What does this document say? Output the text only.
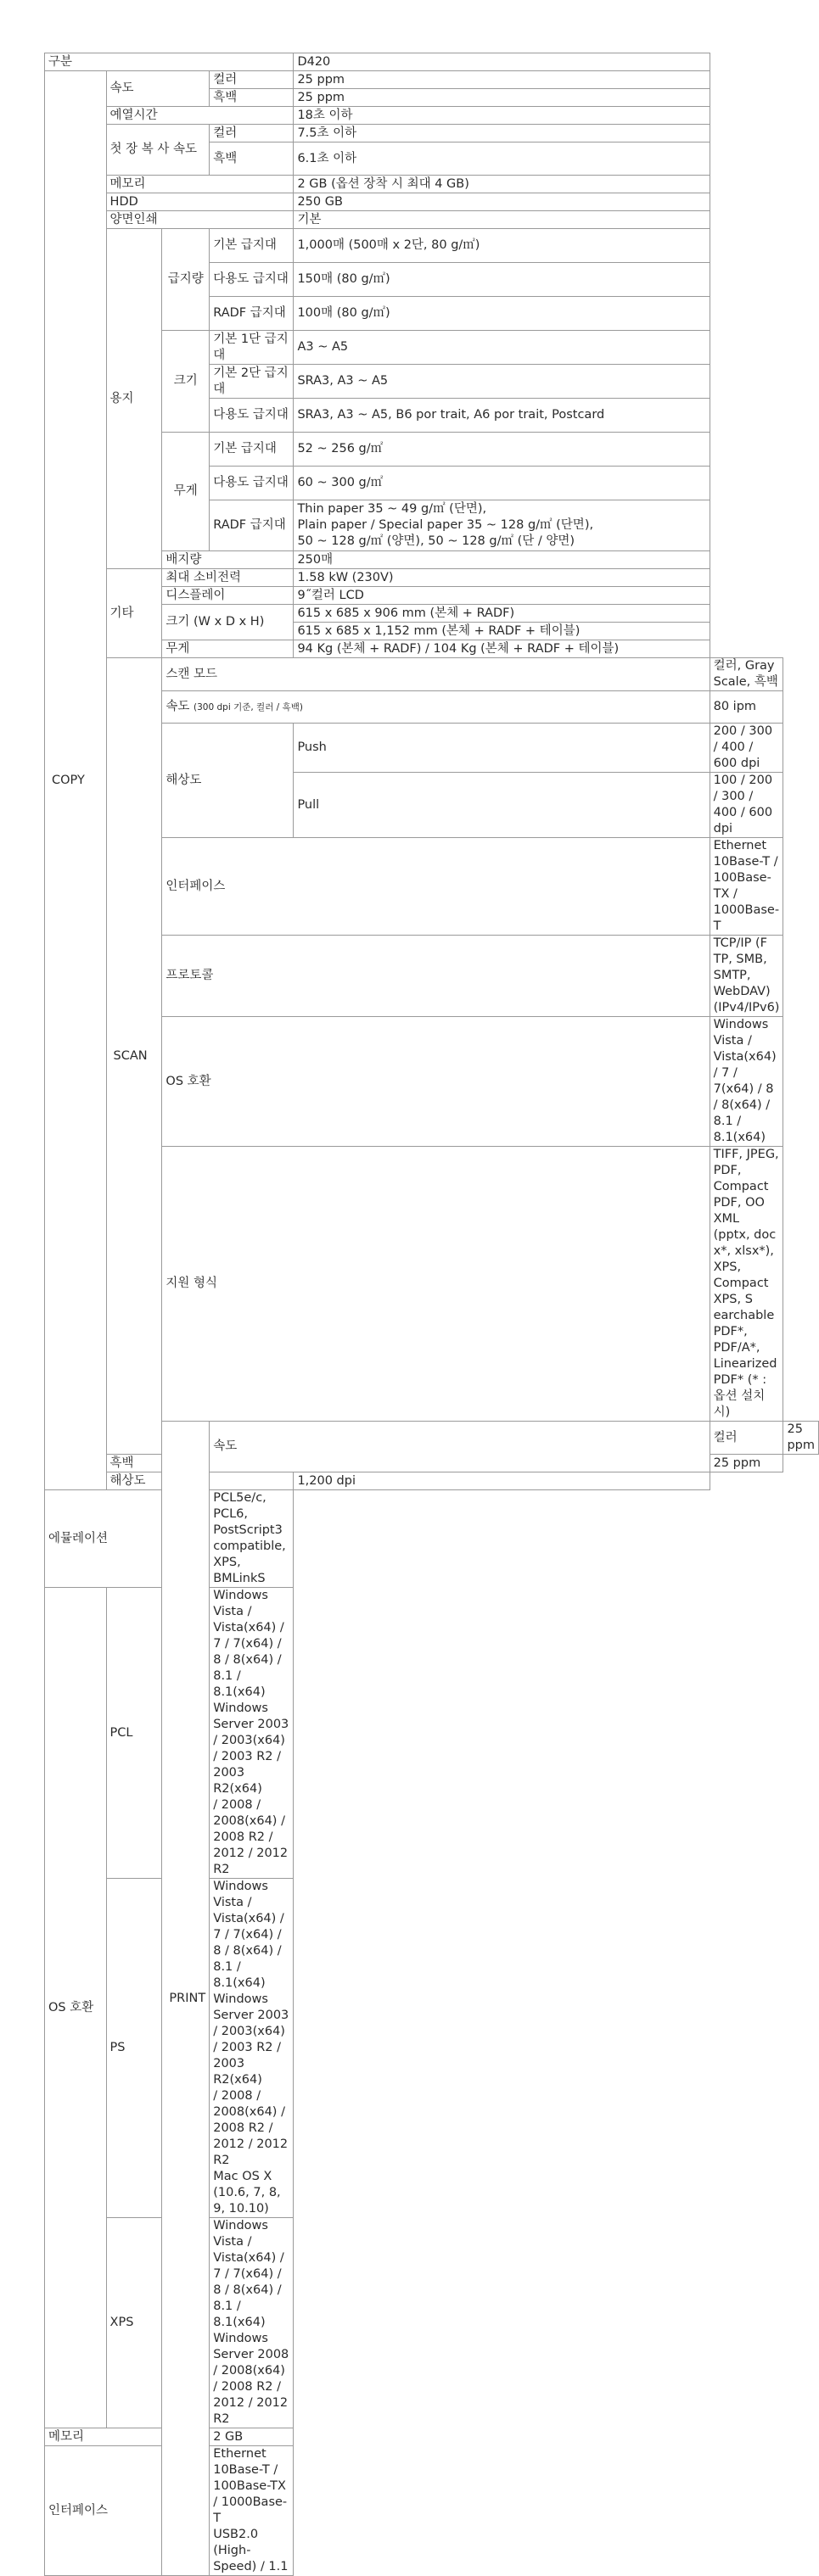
구분				D420		
COPY	속도		컬러	25 ppm		
			흑백	25 ppm		
	예열시간			18초 이하		
	첫 장 복 사 속도		컬러	7.5초 이하		
			흑백	6.1초 이하		
	메모리			2 GB (옵션 장착 시 최대 4 GB)		
	HDD			250 GB		
	양면인쇄			기본		
	용지	급지량	기본 급지대	1,000매 (500매 x 2단, 80 g/㎡)		
			다용도 급지대	150매 (80 g/㎡)		
			RADF 급지대	100매 (80 g/㎡)		
		크기	기본 1단 급지대	A3 ~ A5		
			기본 2단 급지대	SRA3, A3 ~ A5		
			다용도 급지대	SRA3, A3 ~ A5, B6 por trait, A6 por trait, Postcard		
		무게	기본 급지대	52 ~ 256 g/㎡		
			다용도 급지대	60 ~ 300 g/㎡		
			RADF 급지대	Thin paper 35 ~ 49 g/㎡ (단면),
Plain paper / Special paper 35 ~ 128 g/㎡ (단면),
50 ~ 128 g/㎡ (양면), 50 ~ 128 g/㎡ (단 / 양면)		

		배지량		250매		
	기타	최대 소비전력		1.58 kW (230V)		
		디스플레이		9˝컬러 LCD		
		크기 (W x D x H)		615 x 685 x 906 mm (본체 + RADF)		
				615 x 685 x 1,152 mm (본체 + RADF + 테이블)		
		무게		94 Kg (본체 + RADF) / 104 Kg (본체 + RADF + 테이블)		
	SCAN	스캔 모드			컬러, Gray Scale, 흑백	
		속도 (300 dpi 기준, 컬러 / 흑백)			80 ipm	
		해상도		Push	200 / 300 / 400 / 600 dpi	
				Pull	100 / 200 / 300 / 400 / 600 dpi	
		인터페이스			Ethernet 10Base-T / 100Base-TX / 1000Base-T	
		프로토콜			TCP/IP (F TP, SMB, SMTP, WebDAV) (IPv4/IPv6)	
		OS 호환			Windows Vista / Vista(x64) / 7 / 7(x64) / 8 / 8(x64) / 8.1 / 8.1(x64)	
		지원 형식			TIFF, JPEG, PDF, Compact PDF, OO XML (pptx, doc x*, xlsx*),
XPS, Compact XPS, S earchable PDF*,
PDF/A*, Linearized PDF* (* : 옵션 설치시)	

		PRINT	속도		컬러	25 ppm
	흑백				25 ppm	
	해상도			1,200 dpi		
에뮬레이션			PCL5e/c, PCL6, PostScript3 compatible, XPS, BMLinkS			
OS 호환	PCL		Windows Vista / Vista(x64) / 7 / 7(x64) / 8 / 8(x64) / 8.1 / 8.1(x64)
Windows Server 2003 / 2003(x64) / 2003 R2 / 2003 R2(x64)
/ 2008 / 2008(x64) / 2008 R2 / 2012 / 2012 R2			

	PS		Windows Vista / Vista(x64) / 7 / 7(x64) / 8 / 8(x64) / 8.1 / 8.1(x64)
Windows Server 2003 / 2003(x64) / 2003 R2 / 2003 R2(x64)
/ 2008 / 2008(x64) / 2008 R2 / 2012 / 2012 R2
Mac OS X (10.6, 7, 8, 9, 10.10)			

	XPS		Windows Vista / Vista(x64) / 7 / 7(x64) / 8 / 8(x64) / 8.1 / 8.1(x64)
Windows Server 2008 / 2008(x64) / 2008 R2 / 2012 / 2012 R2			

메모리			2 GB			
인터페이스			Ethernet 10Base-T / 100Base-TX / 1000Base-T
USB2.0 (High-Speed) / 1.1			
